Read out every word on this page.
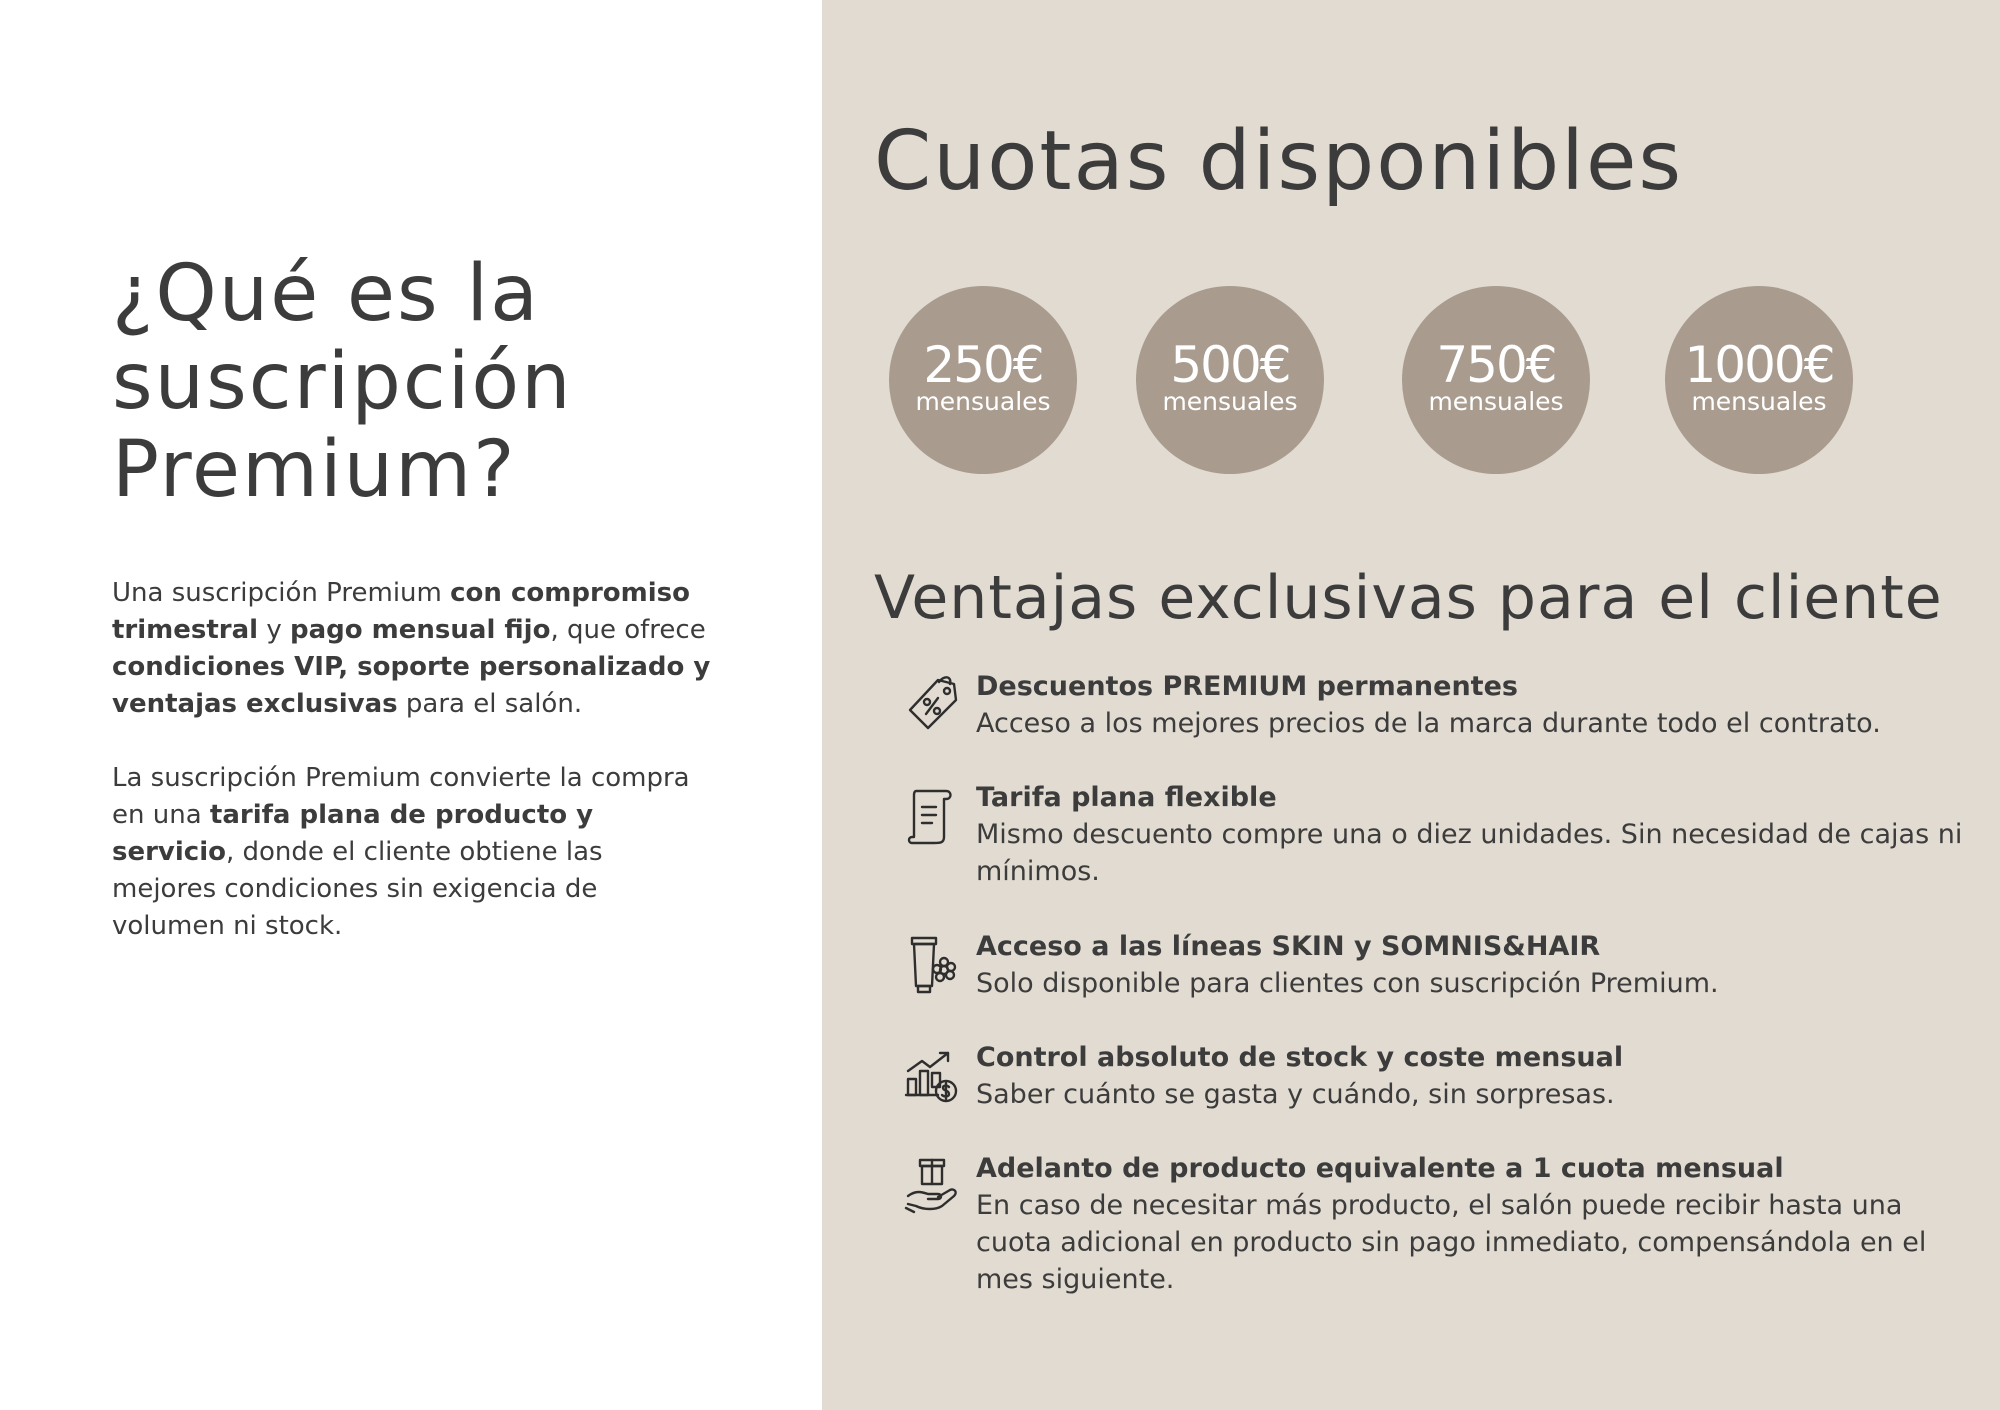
¿Qué es la
suscripción
Premium?

Una suscripción Premium con compromiso trimestral y pago mensual fijo, que ofrece condiciones VIP, soporte personalizado y ventajas exclusivas para el salón.

La suscripción Premium convierte la compra en una tarifa plana de producto y servicio, donde el cliente obtiene las mejores condiciones sin exigencia de volumen ni stock.

Cuotas disponibles
250€
mensuales
500€
mensuales
750€
mensuales
1000€
mensuales
Ventajas exclusivas para el cliente
Descuentos PREMIUM permanentes
Acceso a los mejores precios de la marca durante todo el contrato.
Tarifa plana flexible
Mismo descuento compre una o diez unidades. Sin necesidad de cajas ni mínimos.
Acceso a las líneas SKIN y SOMNIS&HAIR
Solo disponible para clientes con suscripción Premium.
Control absoluto de stock y coste mensual
Saber cuánto se gasta y cuándo, sin sorpresas.
Adelanto de producto equivalente a 1 cuota mensual
En caso de necesitar más producto, el salón puede recibir hasta una cuota adicional en producto sin pago inmediato, compensándola en el mes siguiente.
